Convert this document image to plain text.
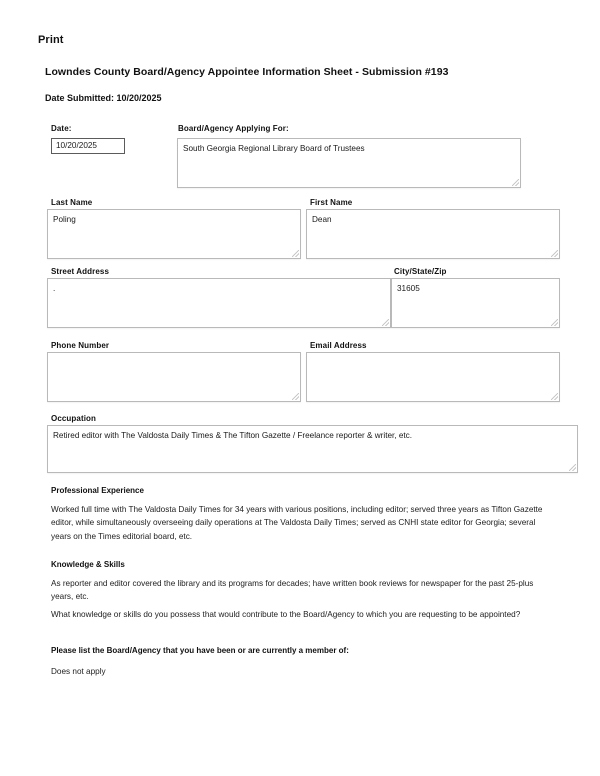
Print
Lowndes County Board/Agency Appointee Information Sheet - Submission #193
Date Submitted: 10/20/2025
Date:
10/20/2025
Board/Agency Applying For:
South Georgia Regional Library Board of Trustees
Last Name
Poling
First Name
Dean
Street Address
.
City/State/Zip
31605
Phone Number	Email Address
Occupation
Retired editor with The Valdosta Daily Times & The Tifton Gazette / Freelance reporter & writer, etc.
Professional Experience
Worked full time with The Valdosta Daily Times for 34 years with various positions, including editor; served three years as Tifton Gazette editor, while simultaneously overseeing daily operations at The Valdosta Daily Times; served as CNHI state editor for Georgia; several years on the Times editorial board, etc.
Knowledge & Skills
As reporter and editor covered the library and its programs for decades; have written book reviews for newspaper for the past 25-plus years, etc.
What knowledge or skills do you possess that would contribute to the Board/Agency to which you are requesting to be appointed?
Please list the Board/Agency that you have been or are currently a member of:
Does not apply
